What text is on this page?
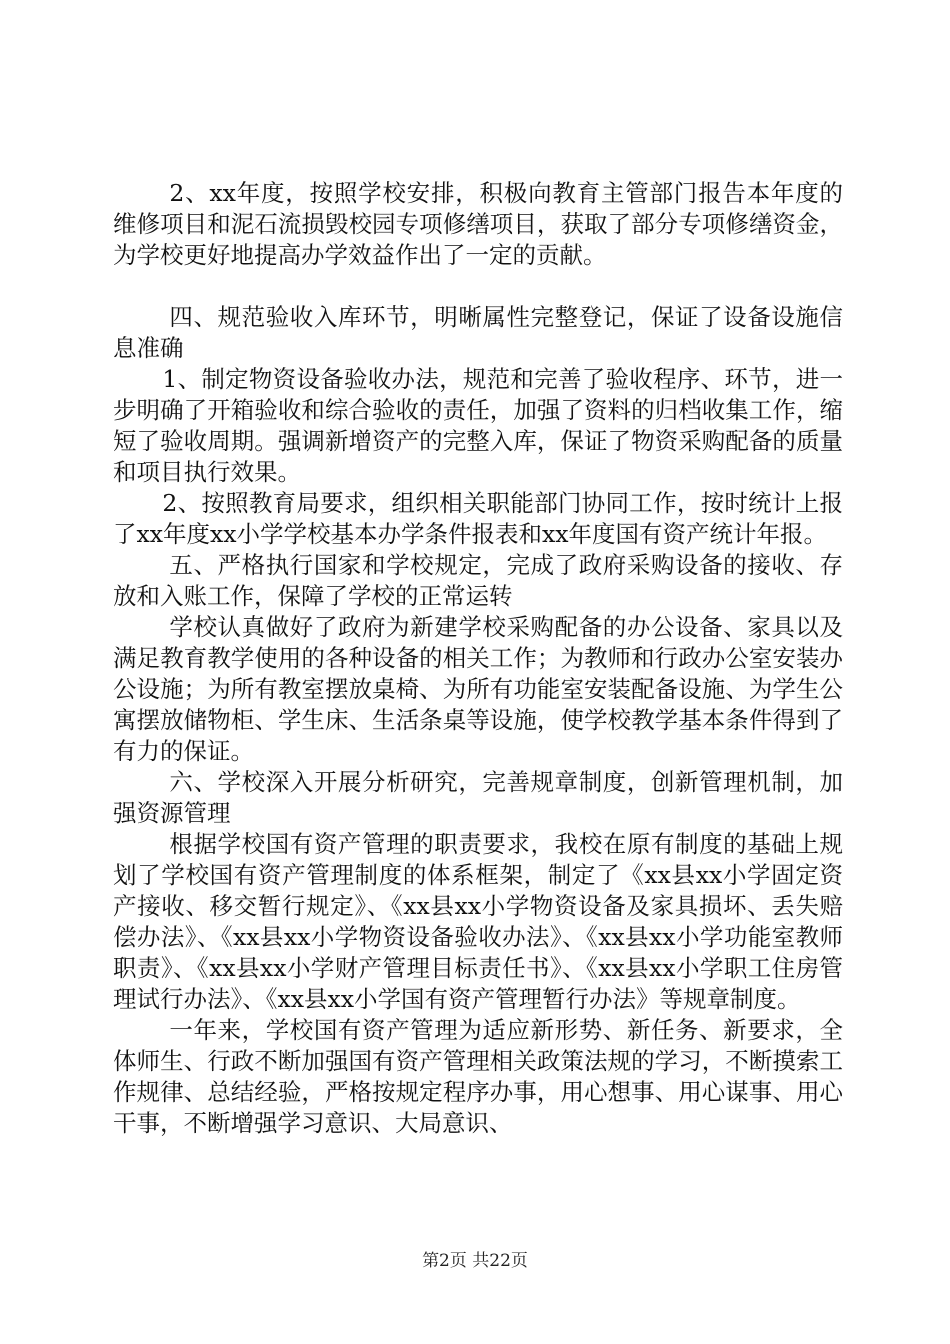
2、xx年度，按照学校安排，积极向教育主管部门报告本年度的维修项目和泥石流损毁校园专项修缮项目，获取了部分专项修缮资金，为学校更好地提高办学效益作出了一定的贡献。

四、规范验收入库环节，明晰属性完整登记，保证了设备设施信息准确

1、制定物资设备验收办法，规范和完善了验收程序、环节，进一步明确了开箱验收和综合验收的责任，加强了资料的归档收集工作，缩短了验收周期。强调新增资产的完整入库，保证了物资采购配备的质量和项目执行效果。

2、按照教育局要求，组织相关职能部门协同工作，按时统计上报了xx年度xx小学学校基本办学条件报表和xx年度国有资产统计年报。

五、严格执行国家和学校规定，完成了政府采购设备的接收、存放和入账工作，保障了学校的正常运转

学校认真做好了政府为新建学校采购配备的办公设备、家具以及满足教育教学使用的各种设备的相关工作；为教师和行政办公室安装办公设施；为所有教室摆放桌椅、为所有功能室安装配备设施、为学生公寓摆放储物柜、学生床、生活条桌等设施，使学校教学基本条件得到了有力的保证。

六、学校深入开展分析研究，完善规章制度，创新管理机制，加强资源管理

根据学校国有资产管理的职责要求，我校在原有制度的基础上规划了学校国有资产管理制度的体系框架，制定了《xx县xx小学固定资产接收、移交暂行规定》、《xx县xx小学物资设备及家具损坏、丢失赔偿办法》、《xx县xx小学物资设备验收办法》、《xx县xx小学功能室教师职责》、《xx县xx小学财产管理目标责任书》、《xx县xx小学职工住房管理试行办法》、《xx县xx小学国有资产管理暂行办法》等规章制度。

一年来，学校国有资产管理为适应新形势、新任务、新要求，全体师生、行政不断加强国有资产管理相关政策法规的学习，不断摸索工作规律、总结经验，严格按规定程序办事，用心想事、用心谋事、用心干事，不断增强学习意识、大局意识、

第2页 共22页
